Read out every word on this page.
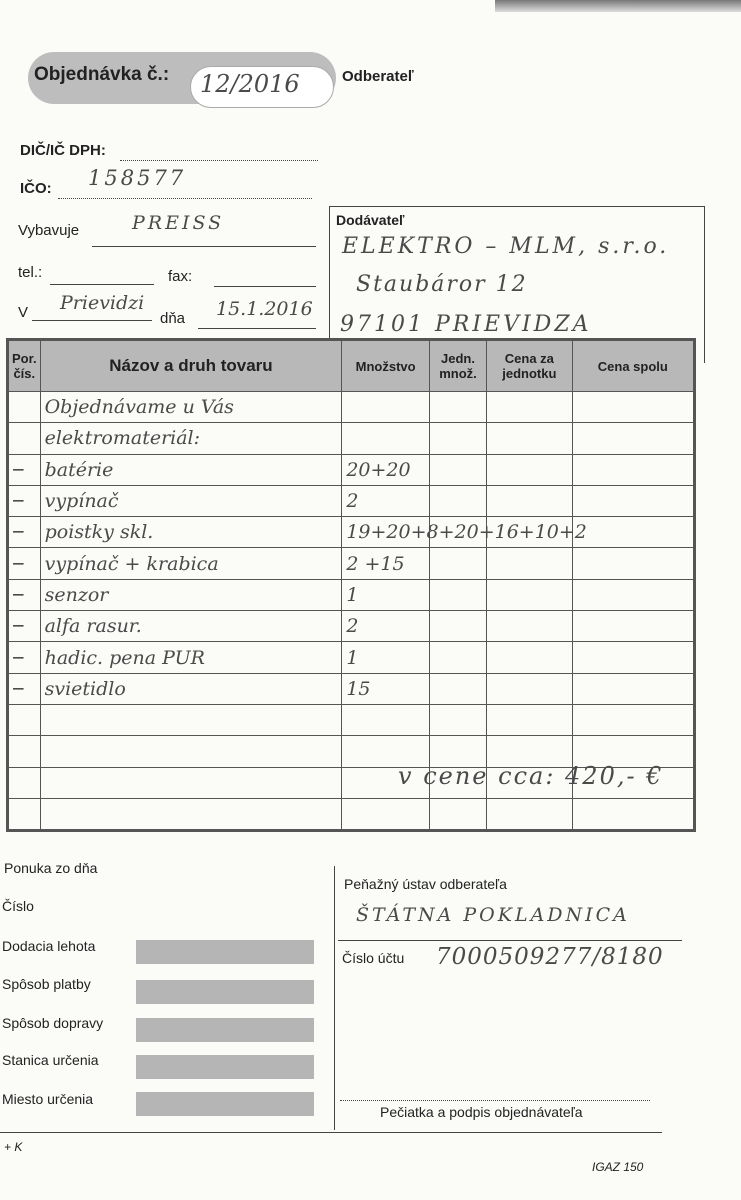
Objednávka č.: 12/2016	Odberateľ
DIČ/IČ DPH:
IČO: 158577
Vybavuje	PREISS
tel.:	fax:
V Prievidzi
dňa 15.1.2016
Dodávateľ
ELEKTRO – MLM, s.r.o.
Staubáror 12
97101 PRIEVIDZA
Por. čís.	Názov a druh tovaru	Množstvo	Jedn. množ.	Cena za jednotku	Cena spolu
	Objednávame u Vás				
	elektromateriál:				
–	batérie	20+20			
–	vypínač	2			
–	poistky skl.	19+20+8+20+16+10+2			
–	vypínač + krabica	2 +15			
–	senzor	1			
–	alfa rasur.	2			
–	hadic. pena PUR	1			
–	svietidlo	15			

v cene cca: 420,- €
Ponuka zo dňa
Číslo
Dodacia lehota
Spôsob platby
Spôsob dopravy
Stanica určenia
Miesto určenia
Peňažný ústav odberateľa
ŠTÁTNA POKLADNICA
Číslo účtu 7000509277/8180
Pečiatka a podpis objednávateľa
+ K
IGAZ 150
